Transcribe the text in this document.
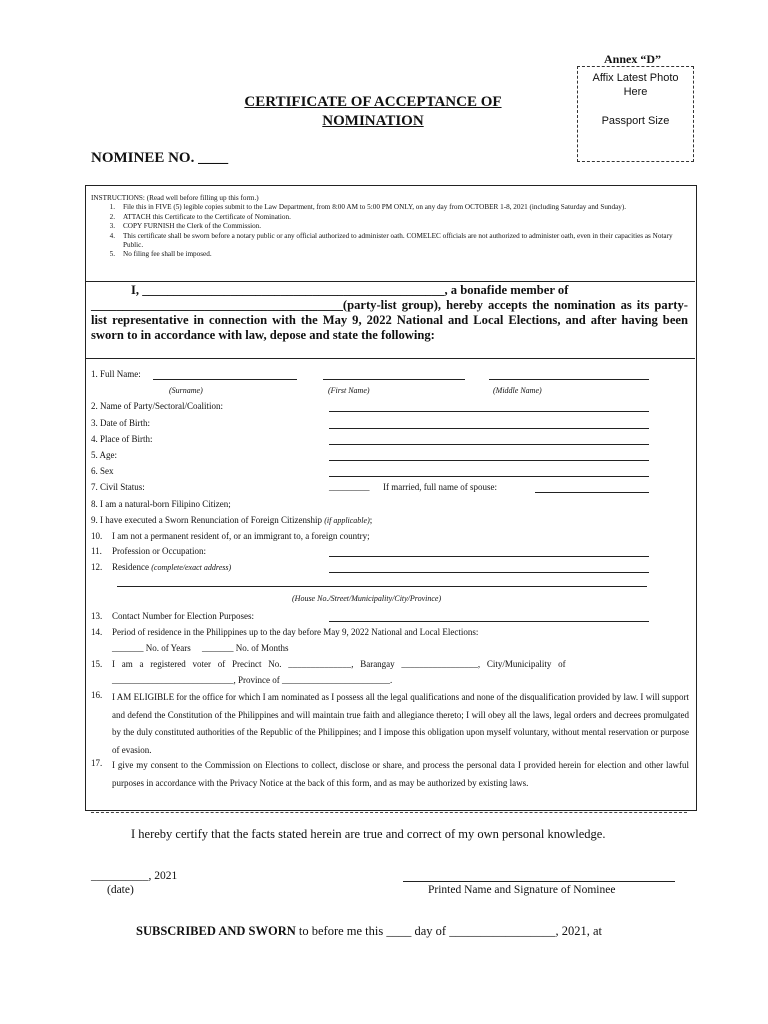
Annex “D”
Affix Latest Photo
Here
Passport Size
CERTIFICATE OF ACCEPTANCE OF
NOMINATION
NOMINEE NO. ____
INSTRUCTIONS: (Read well before filling up this form.)
1.	File this in FIVE (5) legible copies submit to the Law Department, from 8:00 AM to 5:00 PM ONLY, on any day from OCTOBER 1-8, 2021 (including Saturday and Sunday).
2.	ATTACH this Certificate to the Certificate of Nomination.
3.	COPY FURNISH the Clerk of the Commission.
4.	This certificate shall be sworn before a notary public or any official authorized to administer oath. COMELEC officials are not authorized to administer oath, even in their capacities as Notary Public.
5.	No filing fee shall be imposed.
I, ________________________________________________, a bonafide member of
________________________________________(party-list group), hereby accepts the nomination as its party-list representative in connection with the May 9, 2022 National and Local Elections, and after having been sworn to in accordance with law, depose and state the following:
1. Full Name:
(Surname)	(First Name)	(Middle Name)
2. Name of Party/Sectoral/Coalition:
3. Date of Birth:
4. Place of Birth:
5. Age:
6. Sex
7. Civil Status:	_________ If married, full name of spouse:
8. I am a natural-born Filipino Citizen;
9. I have executed a Sworn Renunciation of Foreign Citizenship (if applicable);
10. I am not a permanent resident of, or an immigrant to, a foreign country;
11. Profession or Occupation:
12. Residence (complete/exact address)
(House No./Street/Municipality/City/Province)
13. Contact Number for Election Purposes:
14. Period of residence in the Philippines up to the day before May 9, 2022 National and Local Elections:
_______ No. of Years     _______ No. of Months
15. I   am   a   registered   voter   of   Precinct   No.   ______________,   Barangay   _________________,   City/Municipality   of
___________________________, Province of ________________________.
16. I AM ELIGIBLE for the office for which I am nominated as I possess all the legal qualifications and none of the disqualification provided by law. I will support and defend the Constitution of the Philippines and will maintain true faith and allegiance thereto; I will obey all the laws, legal orders and decrees promulgated by the duly constituted authorities of the Republic of the Philippines; and I impose this obligation upon myself voluntary, without mental reservation or purpose of evasion.
17. I give my consent to the Commission on Elections to collect, disclose or share, and process the personal data I provided herein for election and other lawful purposes in accordance with the Privacy Notice at the back of this form, and as may be authorized by existing laws.
I hereby certify that the facts stated herein are true and correct of my own personal knowledge.
__________, 2021
(date)	Printed Name and Signature of Nominee
SUBSCRIBED AND SWORN to before me this ____ day of _________________, 2021, at
